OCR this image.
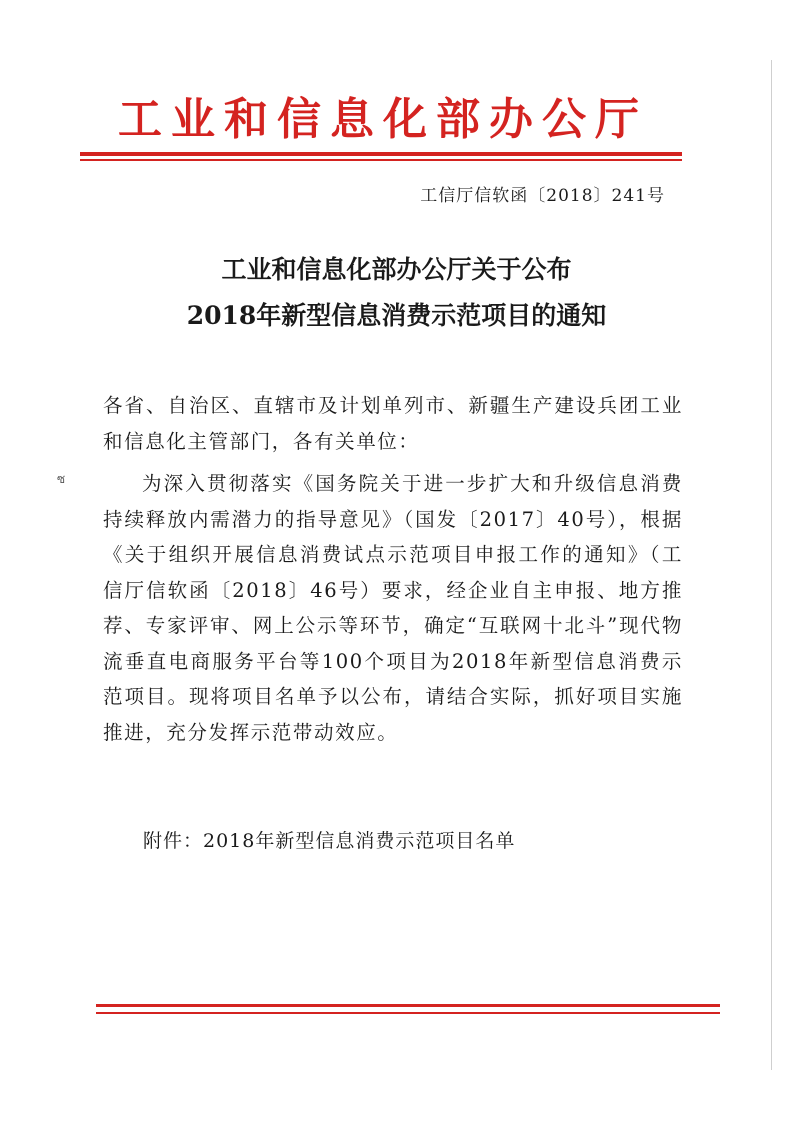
工业和信息化部办公厅
工信厅信软函〔2018〕241号
工业和信息化部办公厅关于公布
2018年新型信息消费示范项目的通知
各省、自治区、直辖市及计划单列市、新疆生产建设兵团工业和信息化主管部门，各有关单位：
ซ	为深入贯彻落实《国务院关于进一步扩大和升级信息消费持续释放内需潜力的指导意见》（国发〔2017〕40号），根据《关于组织开展信息消费试点示范项目申报工作的通知》（工信厅信软函〔2018〕46号）要求，经企业自主申报、地方推荐、专家评审、网上公示等环节，确定“互联网十北斗”现代物流垂直电商服务平台等100个项目为2018年新型信息消费示范项目。现将项目名单予以公布，请结合实际，抓好项目实施推进，充分发挥示范带动效应。
附件：2018年新型信息消费示范项目名单
